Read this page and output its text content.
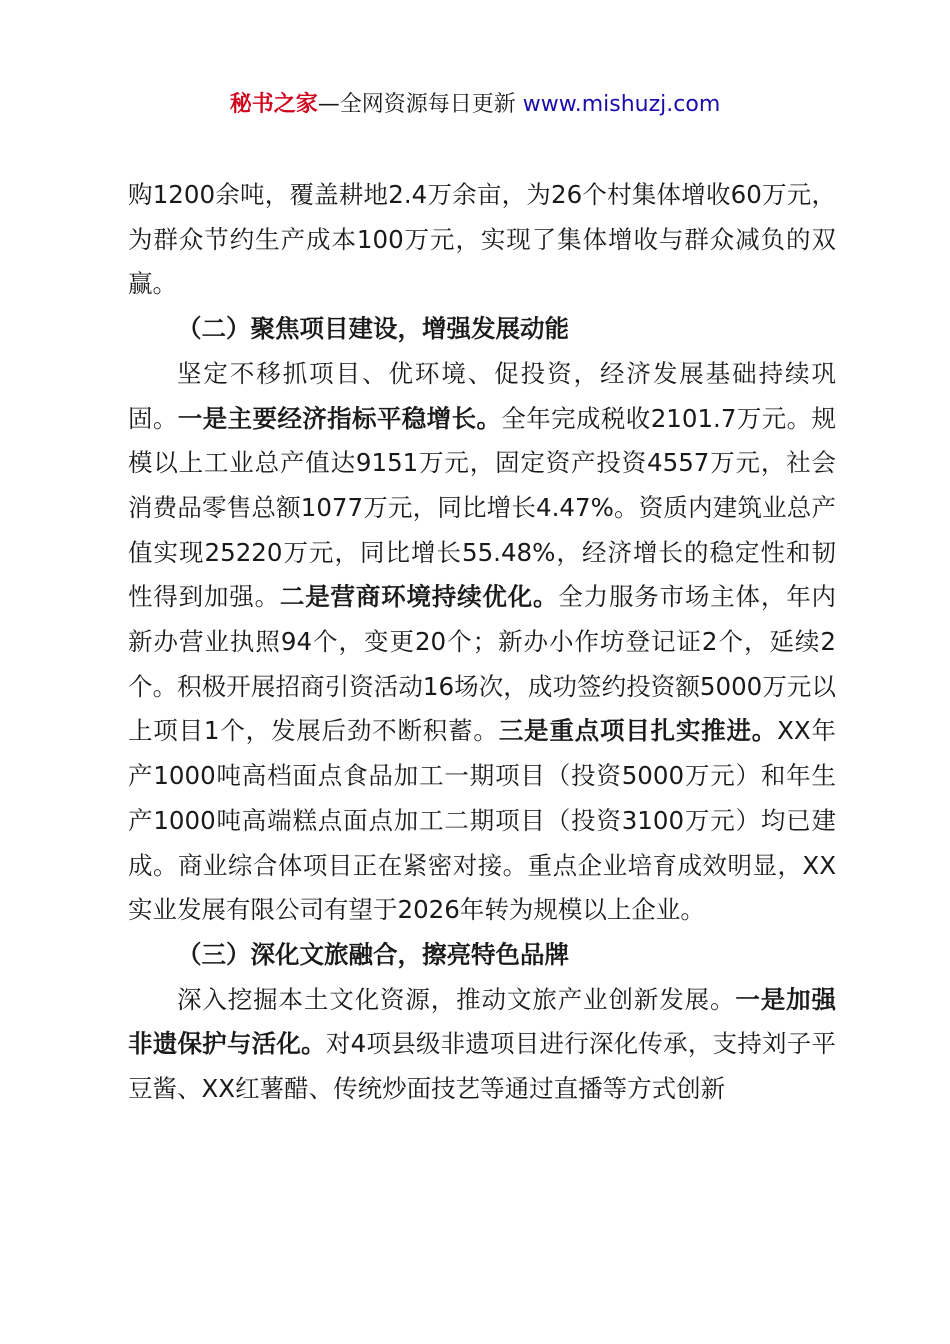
秘书之家—全网资源每日更新 www.mishuzj.com

购1200余吨，覆盖耕地2.4万余亩，为26个村集体增收60万元，为群众节约生产成本100万元，实现了集体增收与群众减负的双赢。

（二）聚焦项目建设，增强发展动能

坚定不移抓项目、优环境、促投资，经济发展基础持续巩固。一是主要经济指标平稳增长。全年完成税收2101.7万元。规模以上工业总产值达9151万元，固定资产投资4557万元，社会消费品零售总额1077万元，同比增长4.47%。资质内建筑业总产值实现25220万元，同比增长55.48%，经济增长的稳定性和韧性得到加强。二是营商环境持续优化。全力服务市场主体，年内新办营业执照94个，变更20个；新办小作坊登记证2个，延续2个。积极开展招商引资活动16场次，成功签约投资额5000万元以上项目1个，发展后劲不断积蓄。三是重点项目扎实推进。XX年产1000吨高档面点食品加工一期项目（投资5000万元）和年生产1000吨高端糕点面点加工二期项目（投资3100万元）均已建成。商业综合体项目正在紧密对接。重点企业培育成效明显，XX实业发展有限公司有望于2026年转为规模以上企业。

（三）深化文旅融合，擦亮特色品牌

深入挖掘本土文化资源，推动文旅产业创新发展。一是加强非遗保护与活化。对4项县级非遗项目进行深化传承，支持刘子平豆酱、XX红薯醋、传统炒面技艺等通过直播等方式创新
